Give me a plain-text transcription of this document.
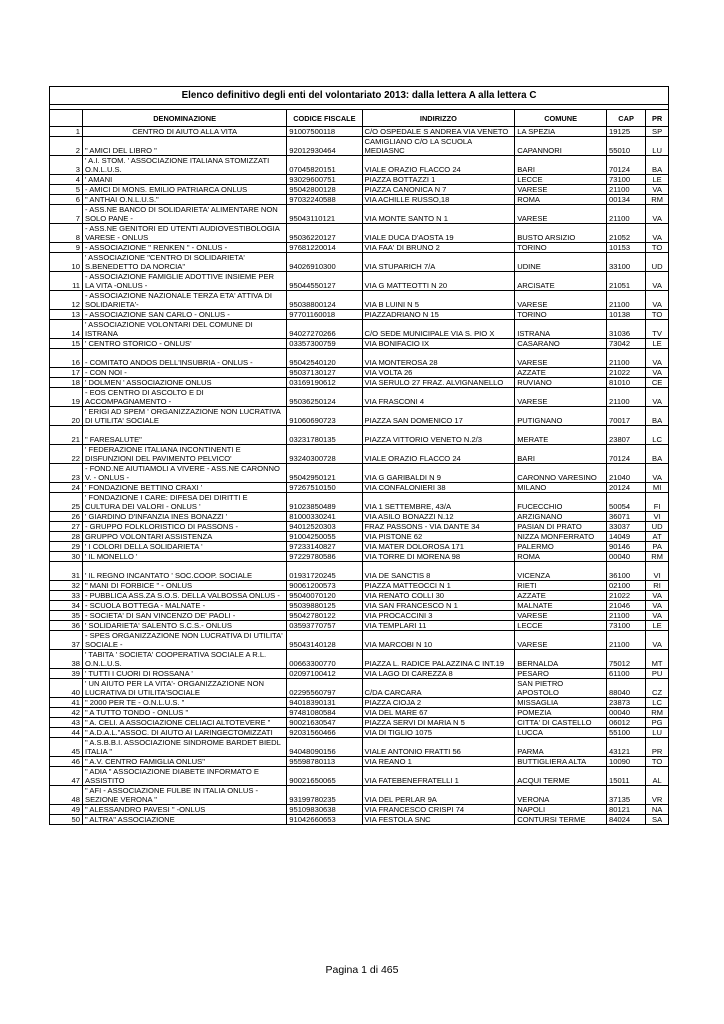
Elenco definitivo degli enti del volontariato 2013: dalla lettera A alla lettera C						

	DENOMINAZIONE	CODICE FISCALE	INDIRIZZO	COMUNE	CAP	PR
1	CENTRO DI AIUTO ALLA VITA	91007500118	C/O OSPEDALE S ANDREA VIA VENETO	LA SPEZIA	19125	SP
2	" AMICI DEL LIBRO "	92012930464	CAMIGLIANO C/O LA SCUOLA MEDIASNC	CAPANNORI	55010	LU
3	' A.I. STOM. ' ASSOCIAZIONE ITALIANA STOMIZZATI O.N.L.U.S.	07045820151	VIALE ORAZIO FLACCO 24	BARI	70124	BA
4	' AMANI	93029600751	PIAZZA BOTTAZZI 1	LECCE	73100	LE
5	- AMICI DI MONS. EMILIO PATRIARCA ONLUS	95042800128	PIAZZA CANONICA N 7	VARESE	21100	VA
6	" ANTHAI O.N.L.U.S."	97032240588	VIA ACHILLE RUSSO,18	ROMA	00134	RM
7	- ASS.NE BANCO DI SOLIDARIETA' ALIMENTARE NON SOLO PANE -	95043110121	VIA MONTE SANTO N 1	VARESE	21100	VA
8	- ASS.NE GENITORI ED UTENTI AUDIOVESTIBOLOGIA VARESE - ONLUS	95036220127	VIALE DUCA D'AOSTA 19	BUSTO ARSIZIO	21052	VA
9	- ASSOCIAZIONE " RENKEN " - ONLUS -	97681220014	VIA FAA' DI BRUNO 2	TORINO	10153	TO
10	' ASSOCIAZIONE "CENTRO DI SOLIDARIETA' S.BENEDETTO DA NORCIA"	94026910300	VIA STUPARICH 7/A	UDINE	33100	UD
11	- ASSOCIAZIONE FAMIGLIE ADOTTIVE INSIEME PER LA VITA -ONLUS -	95044550127	VIA G MATTEOTTI N 20	ARCISATE	21051	VA
12	- ASSOCIAZIONE NAZIONALE TERZA ETA' ATTIVA DI SOLIDARIETA'-	95038800124	VIA B LUINI N 5	VARESE	21100	VA
13	- ASSOCIAZIONE SAN CARLO - ONLUS -	97701160018	PIAZZADRIANO N 15	TORINO	10138	TO
14	' ASSOCIAZIONE VOLONTARI DEL COMUNE DI ISTRANA	94027270266	C/O SEDE MUNICIPALE VIA S. PIO X	ISTRANA	31036	TV
15	' CENTRO STORICO - ONLUS'	03357300759	VIA BONIFACIO IX	CASARANO	73042	LE
16	- COMITATO ANDOS DELL'INSUBRIA - ONLUS -	95042540120	VIA MONTEROSA 28	VARESE	21100	VA
17	- CON NOI -	95037130127	VIA VOLTA 26	AZZATE	21022	VA
18	' DOLMEN ' ASSOCIAZIONE ONLUS	03169190612	VIA SERULO 27 FRAZ. ALVIGNANELLO	RUVIANO	81010	CE
19	- EOS CENTRO DI ASCOLTO E DI ACCOMPAGNAMENTO -	95036250124	VIA FRASCONI 4	VARESE	21100	VA
20	' ERIGI AD SPEM ' ORGANIZZAZIONE NON LUCRATIVA DI UTILITA' SOCIALE	91060690723	PIAZZA SAN DOMENICO 17	PUTIGNANO	70017	BA
21	" FARESALUTE"	03231780135	PIAZZA VITTORIO VENETO N.2/3	MERATE	23807	LC
22	' FEDERAZIONE ITALIANA INCONTINENTI E DISFUNZIONI DEL PAVIMENTO PELVICO'	93240300728	VIALE ORAZIO FLACCO 24	BARI	70124	BA
23	- FOND.NE AIUTIAMOLI A VIVERE - ASS.NE CARONNO V. - ONLUS -	95042950121	VIA G GARIBALDI N 9	CARONNO VARESINO	21040	VA
24	' FONDAZIONE BETTINO CRAXI '	97267510150	VIA CONFALONIERI 38	MILANO	20124	MI
25	' FONDAZIONE I CARE: DIFESA DEI DIRITTI E CULTURA DEI VALORI - ONLUS '	91023850489	VIA 1 SETTEMBRE, 43/A	FUCECCHIO	50054	FI
26	' GIARDINO D'INFANZIA INES BONAZZI '	81000330241	VIA ASILO BONAZZI N.12	ARZIGNANO	36071	VI
27	- GRUPPO FOLKLORISTICO DI PASSONS -	94012520303	FRAZ PASSONS - VIA DANTE 34	PASIAN DI PRATO	33037	UD
28	GRUPPO VOLONTARI ASSISTENZA	91004250055	VIA PISTONE 62	NIZZA MONFERRATO	14049	AT
29	' I COLORI DELLA SOLIDARIETA '	97233140827	VIA MATER DOLOROSA 171	PALERMO	90146	PA
30	' IL MONELLO '	97229780586	VIA TORRE DI MORENA 98	ROMA	00040	RM
31	' IL REGNO INCANTATO ' SOC.COOP. SOCIALE	01931720245	VIA DE SANCTIS 8	VICENZA	36100	VI
32	" MANI DI FORBICE " - ONLUS	90061200573	PIAZZA MATTEOCCI N 1	RIETI	02100	RI
33	- PUBBLICA ASS.ZA S.O.S. DELLA VALBOSSA ONLUS -	95040070120	VIA RENATO COLLI 30	AZZATE	21022	VA
34	- SCUOLA BOTTEGA - MALNATE -	95039880125	VIA SAN FRANCESCO N 1	MALNATE	21046	VA
35	- SOCIETA' DI SAN VINCENZO DE' PAOLI -	95042780122	VIA PROCACCINI 3	VARESE	21100	VA
36	' SOLIDARIETA' SALENTO S.C.S.- ONLUS	03593770757	VIA TEMPLARI 11	LECCE	73100	LE
37	- SPES ORGANIZZAZIONE NON LUCRATIVA DI UTILITA' SOCIALE -	95043140128	VIA MARCOBI N 10	VARESE	21100	VA
38	' TABITA ' SOCIETA' COOPERATIVA SOCIALE A R.L. O.N.L.U.S.	00663300770	PIAZZA L. RADICE PALAZZINA C INT.19	BERNALDA	75012	MT
39	' TUTTI I CUORI DI ROSSANA '	02097100412	VIA LAGO DI CAREZZA 8	PESARO	61100	PU
40	' UN AIUTO PER LA VITA'- ORGANIZZAZIONE NON LUCRATIVA DI UTILITA'SOCIALE	02295560797	C/DA CARCARA	SAN PIETRO APOSTOLO	88040	CZ
41	" 2000 PER TE - O.N.L.U.S. "	94018390131	PIAZZA CIOJA 2	MISSAGLIA	23873	LC
42	" A TUTTO TONDO - ONLUS "	97481080584	VIA DEL MARE 67	POMEZIA	00040	RM
43	" A. CELI. A ASSOCIAZIONE CELIACI ALTOTEVERE "	90021630547	PIAZZA SERVI DI MARIA N 5	CITTA' DI CASTELLO	06012	PG
44	" A.D.A.L."ASSOC. DI AIUTO AI LARINGECTOMIZZATI	92031560466	VIA DI TIGLIO 1075	LUCCA	55100	LU
45	" A.S.B.B.I. ASSOCIAZIONE SINDROME BARDET BIEDL ITALIA "	94048090156	VIALE ANTONIO FRATTI 56	PARMA	43121	PR
46	" A.V. CENTRO FAMIGLIA ONLUS"	95598780113	VIA REANO 1	BUTTIGLIERA ALTA	10090	TO
47	" ADIA " ASSOCIAZIONE DIABETE INFORMATO E ASSISTITO	90021650065	VIA FATEBENEFRATELLI 1	ACQUI TERME	15011	AL
48	" AFI - ASSOCIAZIONE FULBE IN ITALIA ONLUS - SEZIONE VERONA "	93199780235	VIA DEL PERLAR 9A	VERONA	37135	VR
49	" ALESSANDRO PAVESI " -ONLUS	95109830638	VIA FRANCESCO CRISPI 74	NAPOLI	80121	NA
50	" ALTRA" ASSOCIAZIONE	91042660653	VIA FESTOLA SNC	CONTURSI TERME	84024	SA
Pagina 1 di 465
